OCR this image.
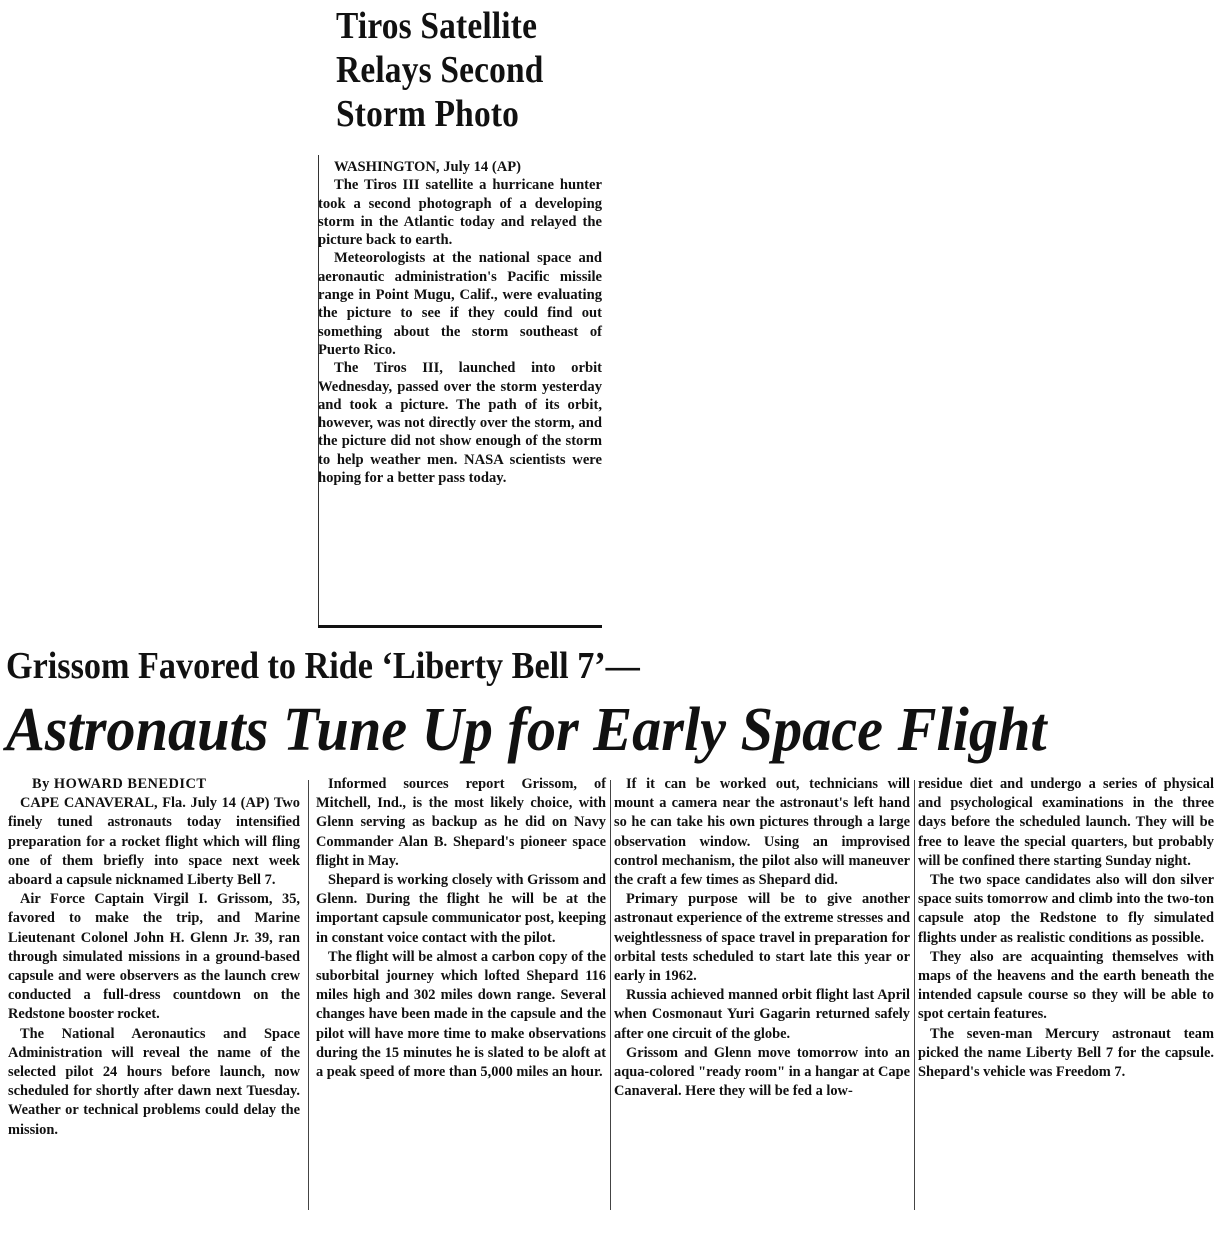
Tiros Satellite
Relays Second
Storm Photo

WASHINGTON, July 14 (AP)

The Tiros III satellite a hurricane hunter took a second photograph of a developing storm in the Atlantic today and relayed the picture back to earth.

Meteorologists at the national space and aeronautic administration's Pacific missile range in Point Mugu, Calif., were evaluating the picture to see if they could find out something about the storm southeast of Puerto Rico.

The Tiros III, launched into orbit Wednesday, passed over the storm yesterday and took a picture. The path of its orbit, however, was not directly over the storm, and the picture did not show enough of the storm to help weather men. NASA scientists were hoping for a better pass today.

Grissom Favored to Ride ‘Liberty Bell 7’—
Astronauts Tune Up for Early Space Flight

By HOWARD BENEDICT

CAPE CANAVERAL, Fla. July 14 (AP) Two finely tuned astronauts today intensified preparation for a rocket flight which will fling one of them briefly into space next week aboard a capsule nicknamed Liberty Bell 7.

Air Force Captain Virgil I. Grissom, 35, favored to make the trip, and Marine Lieutenant Colonel John H. Glenn Jr. 39, ran through simulated missions in a ground-based capsule and were observers as the launch crew conducted a full-dress countdown on the Redstone booster rocket.

The National Aeronautics and Space Administration will reveal the name of the selected pilot 24 hours before launch, now scheduled for shortly after dawn next Tuesday. Weather or technical problems could delay the mission.

Informed sources report Grissom, of Mitchell, Ind., is the most likely choice, with Glenn serving as backup as he did on Navy Commander Alan B. Shepard's pioneer space flight in May.

Shepard is working closely with Grissom and Glenn. During the flight he will be at the important capsule communicator post, keeping in constant voice contact with the pilot.

The flight will be almost a carbon copy of the suborbital journey which lofted Shepard 116 miles high and 302 miles down range. Several changes have been made in the capsule and the pilot will have more time to make observations during the 15 minutes he is slated to be aloft at a peak speed of more than 5,000 miles an hour.

If it can be worked out, technicians will mount a camera near the astronaut's left hand so he can take his own pictures through a large observation window. Using an improvised control mechanism, the pilot also will maneuver the craft a few times as Shepard did.

Primary purpose will be to give another astronaut experience of the extreme stresses and weightlessness of space travel in preparation for orbital tests scheduled to start late this year or early in 1962.

Russia achieved manned orbit flight last April when Cosmonaut Yuri Gagarin returned safely after one circuit of the globe.

Grissom and Glenn move tomorrow into an aqua-colored "ready room" in a hangar at Cape Canaveral. Here they will be fed a low-

residue diet and undergo a series of physical and psychological examinations in the three days before the scheduled launch. They will be free to leave the special quarters, but probably will be confined there starting Sunday night.

The two space candidates also will don silver space suits tomorrow and climb into the two-ton capsule atop the Redstone to fly simulated flights under as realistic conditions as possible.

They also are acquainting themselves with maps of the heavens and the earth beneath the intended capsule course so they will be able to spot certain features.

The seven-man Mercury astronaut team picked the name Liberty Bell 7 for the capsule. Shepard's vehicle was Freedom 7.
